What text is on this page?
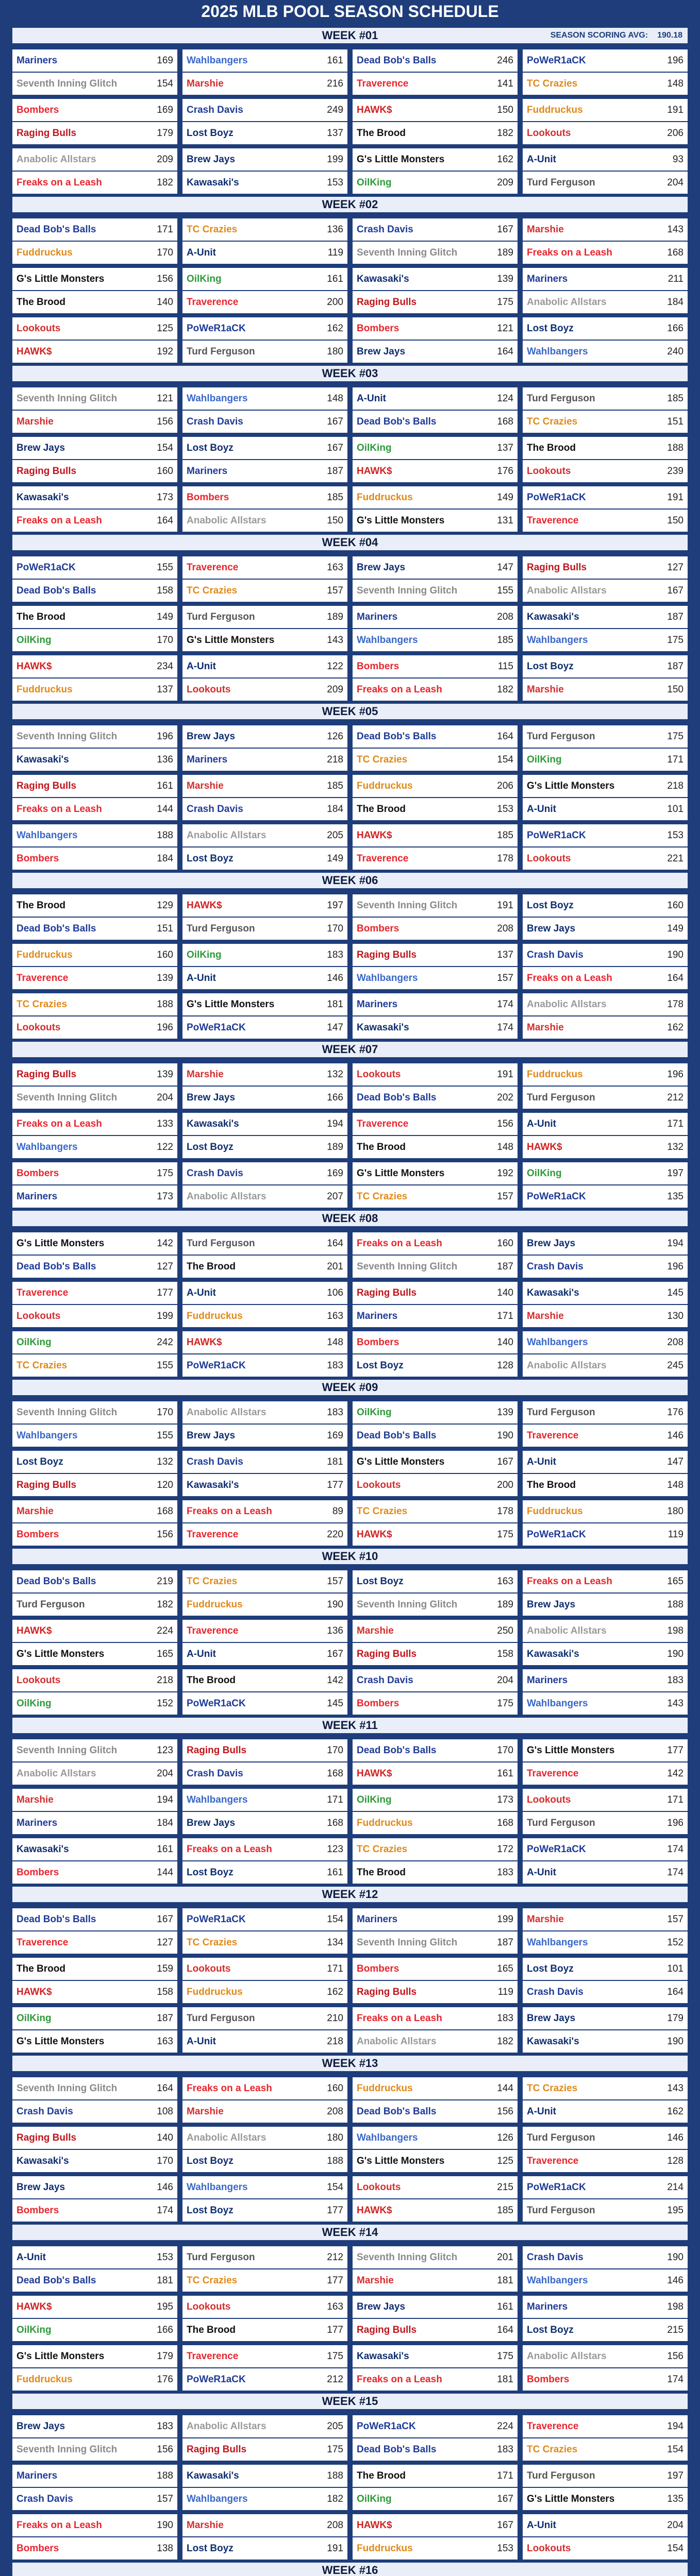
2025 MLB POOL SEASON SCHEDULE
WEEK #01	SEASON SCORING AVG: 190.18
Mariners	169
Seventh Inning Glitch	154
Wahlbangers	161
Marshie	216
Dead Bob's Balls	246
Traverence	141
PoWeR1aCK	196
TC Crazies	148
Bombers	169
Raging Bulls	179
Crash Davis	249
Lost Boyz	137
HAWK$	150
The Brood	182
Fuddruckus	191
Lookouts	206
Anabolic Allstars	209
Freaks on a Leash	182
Brew Jays	199
Kawasaki's	153
G's Little Monsters	162
OilKing	209
A-Unit	93
Turd Ferguson	204
WEEK #02
Dead Bob's Balls	171
Fuddruckus	170
TC Crazies	136
A-Unit	119
Crash Davis	167
Seventh Inning Glitch	189
Marshie	143
Freaks on a Leash	168
G's Little Monsters	156
The Brood	140
OilKing	161
Traverence	200
Kawasaki's	139
Raging Bulls	175
Mariners	211
Anabolic Allstars	184
Lookouts	125
HAWK$	192
PoWeR1aCK	162
Turd Ferguson	180
Bombers	121
Brew Jays	164
Lost Boyz	166
Wahlbangers	240
WEEK #03
Seventh Inning Glitch	121
Marshie	156
Wahlbangers	148
Crash Davis	167
A-Unit	124
Dead Bob's Balls	168
Turd Ferguson	185
TC Crazies	151
Brew Jays	154
Raging Bulls	160
Lost Boyz	167
Mariners	187
OilKing	137
HAWK$	176
The Brood	188
Lookouts	239
Kawasaki's	173
Freaks on a Leash	164
Bombers	185
Anabolic Allstars	150
Fuddruckus	149
G's Little Monsters	131
PoWeR1aCK	191
Traverence	150
WEEK #04
PoWeR1aCK	155
Dead Bob's Balls	158
Traverence	163
TC Crazies	157
Brew Jays	147
Seventh Inning Glitch	155
Raging Bulls	127
Anabolic Allstars	167
The Brood	149
OilKing	170
Turd Ferguson	189
G's Little Monsters	143
Mariners	208
Wahlbangers	185
Kawasaki's	187
Wahlbangers	175
HAWK$	234
Fuddruckus	137
A-Unit	122
Lookouts	209
Bombers	115
Freaks on a Leash	182
Lost Boyz	187
Marshie	150
WEEK #05
Seventh Inning Glitch	196
Kawasaki's	136
Brew Jays	126
Mariners	218
Dead Bob's Balls	164
TC Crazies	154
Turd Ferguson	175
OilKing	171
Raging Bulls	161
Freaks on a Leash	144
Marshie	185
Crash Davis	184
Fuddruckus	206
The Brood	153
G's Little Monsters	218
A-Unit	101
Wahlbangers	188
Bombers	184
Anabolic Allstars	205
Lost Boyz	149
HAWK$	185
Traverence	178
PoWeR1aCK	153
Lookouts	221
WEEK #06
The Brood	129
Dead Bob's Balls	151
HAWK$	197
Turd Ferguson	170
Seventh Inning Glitch	191
Bombers	208
Lost Boyz	160
Brew Jays	149
Fuddruckus	160
Traverence	139
OilKing	183
A-Unit	146
Raging Bulls	137
Wahlbangers	157
Crash Davis	190
Freaks on a Leash	164
TC Crazies	188
Lookouts	196
G's Little Monsters	181
PoWeR1aCK	147
Mariners	174
Kawasaki's	174
Anabolic Allstars	178
Marshie	162
WEEK #07
Raging Bulls	139
Seventh Inning Glitch	204
Marshie	132
Brew Jays	166
Lookouts	191
Dead Bob's Balls	202
Fuddruckus	196
Turd Ferguson	212
Freaks on a Leash	133
Wahlbangers	122
Kawasaki's	194
Lost Boyz	189
Traverence	156
The Brood	148
A-Unit	171
HAWK$	132
Bombers	175
Mariners	173
Crash Davis	169
Anabolic Allstars	207
G's Little Monsters	192
TC Crazies	157
OilKing	197
PoWeR1aCK	135
WEEK #08
G's Little Monsters	142
Dead Bob's Balls	127
Turd Ferguson	164
The Brood	201
Freaks on a Leash	160
Seventh Inning Glitch	187
Brew Jays	194
Crash Davis	196
Traverence	177
Lookouts	199
A-Unit	106
Fuddruckus	163
Raging Bulls	140
Mariners	171
Kawasaki's	145
Marshie	130
OilKing	242
TC Crazies	155
HAWK$	148
PoWeR1aCK	183
Bombers	140
Lost Boyz	128
Wahlbangers	208
Anabolic Allstars	245
WEEK #09
Seventh Inning Glitch	170
Wahlbangers	155
Anabolic Allstars	183
Brew Jays	169
OilKing	139
Dead Bob's Balls	190
Turd Ferguson	176
Traverence	146
Lost Boyz	132
Raging Bulls	120
Crash Davis	181
Kawasaki's	177
G's Little Monsters	167
Lookouts	200
A-Unit	147
The Brood	148
Marshie	168
Bombers	156
Freaks on a Leash	89
Traverence	220
TC Crazies	178
HAWK$	175
Fuddruckus	180
PoWeR1aCK	119
WEEK #10
Dead Bob's Balls	219
Turd Ferguson	182
TC Crazies	157
Fuddruckus	190
Lost Boyz	163
Seventh Inning Glitch	189
Freaks on a Leash	165
Brew Jays	188
HAWK$	224
G's Little Monsters	165
Traverence	136
A-Unit	167
Marshie	250
Raging Bulls	158
Anabolic Allstars	198
Kawasaki's	190
Lookouts	218
OilKing	152
The Brood	142
PoWeR1aCK	145
Crash Davis	204
Bombers	175
Mariners	183
Wahlbangers	143
WEEK #11
Seventh Inning Glitch	123
Anabolic Allstars	204
Raging Bulls	170
Crash Davis	168
Dead Bob's Balls	170
HAWK$	161
G's Little Monsters	177
Traverence	142
Marshie	194
Mariners	184
Wahlbangers	171
Brew Jays	168
OilKing	173
Fuddruckus	168
Lookouts	171
Turd Ferguson	196
Kawasaki's	161
Bombers	144
Freaks on a Leash	123
Lost Boyz	161
TC Crazies	172
The Brood	183
PoWeR1aCK	174
A-Unit	174
WEEK #12
Dead Bob's Balls	167
Traverence	127
PoWeR1aCK	154
TC Crazies	134
Mariners	199
Seventh Inning Glitch	187
Marshie	157
Wahlbangers	152
The Brood	159
HAWK$	158
Lookouts	171
Fuddruckus	162
Bombers	165
Raging Bulls	119
Lost Boyz	101
Crash Davis	164
OilKing	187
G's Little Monsters	163
Turd Ferguson	210
A-Unit	218
Freaks on a Leash	183
Anabolic Allstars	182
Brew Jays	179
Kawasaki's	190
WEEK #13
Seventh Inning Glitch	164
Crash Davis	108
Freaks on a Leash	160
Marshie	208
Fuddruckus	144
Dead Bob's Balls	156
TC Crazies	143
A-Unit	162
Raging Bulls	140
Kawasaki's	170
Anabolic Allstars	180
Lost Boyz	188
Wahlbangers	126
G's Little Monsters	125
Turd Ferguson	146
Traverence	128
Brew Jays	146
Bombers	174
Wahlbangers	154
Lost Boyz	177
Lookouts	215
HAWK$	185
PoWeR1aCK	214
Turd Ferguson	195
WEEK #14
A-Unit	153
Dead Bob's Balls	181
Turd Ferguson	212
TC Crazies	177
Seventh Inning Glitch	201
Marshie	181
Crash Davis	190
Wahlbangers	146
HAWK$	195
OilKing	166
Lookouts	163
The Brood	177
Brew Jays	161
Raging Bulls	164
Mariners	198
Lost Boyz	215
G's Little Monsters	179
Fuddruckus	176
Traverence	175
PoWeR1aCK	212
Kawasaki's	175
Freaks on a Leash	181
Anabolic Allstars	156
Bombers	174
WEEK #15
Brew Jays	183
Seventh Inning Glitch	156
Anabolic Allstars	205
Raging Bulls	175
PoWeR1aCK	224
Dead Bob's Balls	183
Traverence	194
TC Crazies	154
Mariners	188
Crash Davis	157
Kawasaki's	188
Wahlbangers	182
The Brood	171
OilKing	167
Turd Ferguson	197
G's Little Monsters	135
Freaks on a Leash	190
Bombers	138
Marshie	208
Lost Boyz	191
HAWK$	167
Fuddruckus	153
A-Unit	204
Lookouts	154
WEEK #16
